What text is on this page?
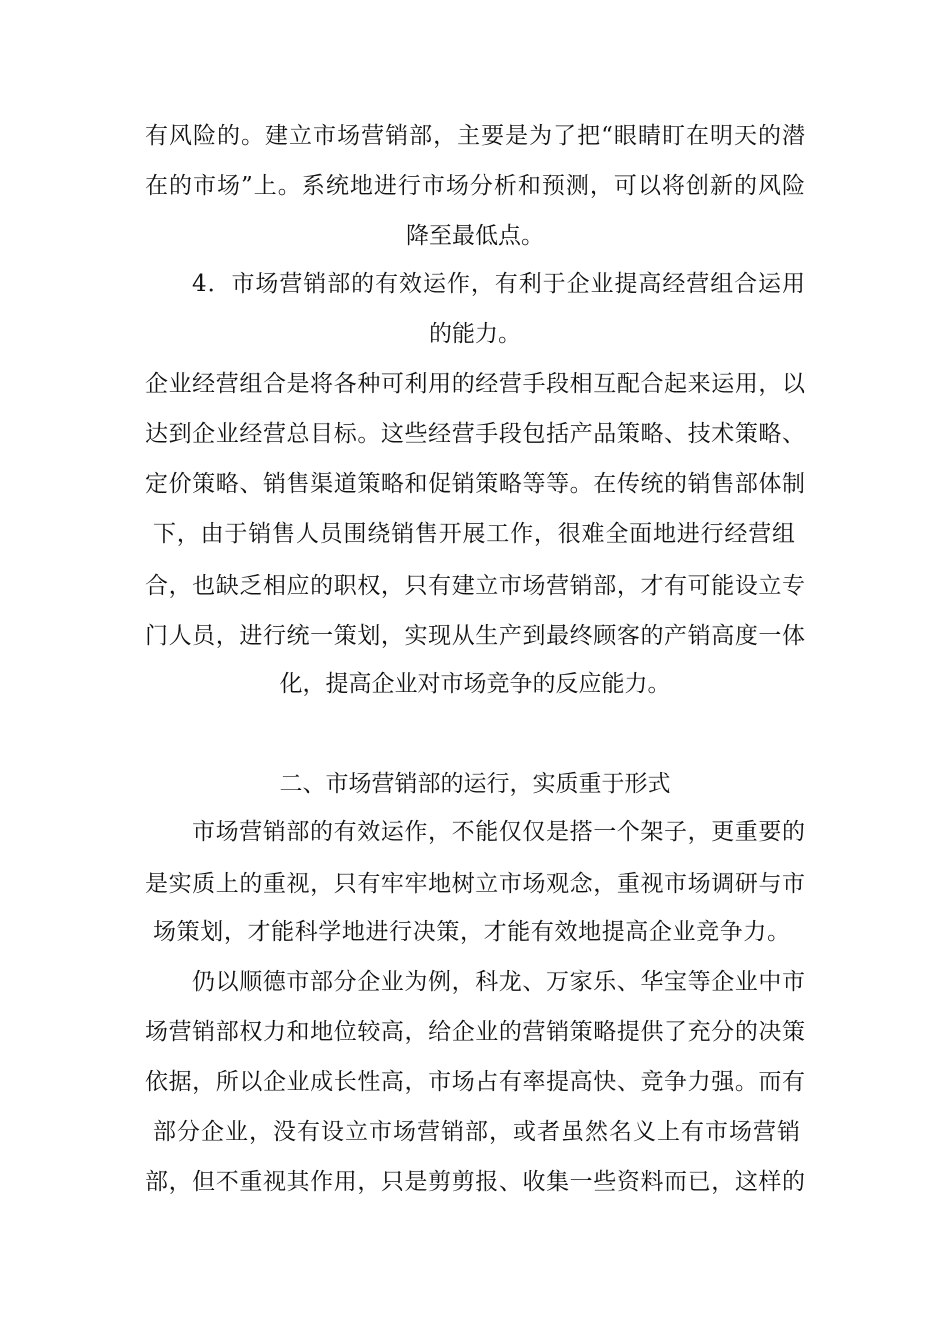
有风险的。建立市场营销部，主要是为了把“眼睛盯在明天的潜
在的市场”上。系统地进行市场分析和预测，可以将创新的风险
降至最低点。
4．市场营销部的有效运作，有利于企业提高经营组合运用
的能力。
企业经营组合是将各种可利用的经营手段相互配合起来运用，以
达到企业经营总目标。这些经营手段包括产品策略、技术策略、
定价策略、销售渠道策略和促销策略等等。在传统的销售部体制
下，由于销售人员围绕销售开展工作，很难全面地进行经营组
合，也缺乏相应的职权，只有建立市场营销部，才有可能设立专
门人员，进行统一策划，实现从生产到最终顾客的产销高度一体
化，提高企业对市场竞争的反应能力。
二、市场营销部的运行，实质重于形式
市场营销部的有效运作，不能仅仅是搭一个架子，更重要的
是实质上的重视，只有牢牢地树立市场观念，重视市场调研与市
场策划，才能科学地进行决策，才能有效地提高企业竞争力。
仍以顺德市部分企业为例，科龙、万家乐、华宝等企业中市
场营销部权力和地位较高，给企业的营销策略提供了充分的决策
依据，所以企业成长性高，市场占有率提高快、竞争力强。而有
部分企业，没有设立市场营销部，或者虽然名义上有市场营销
部，但不重视其作用，只是剪剪报、收集一些资料而已，这样的
